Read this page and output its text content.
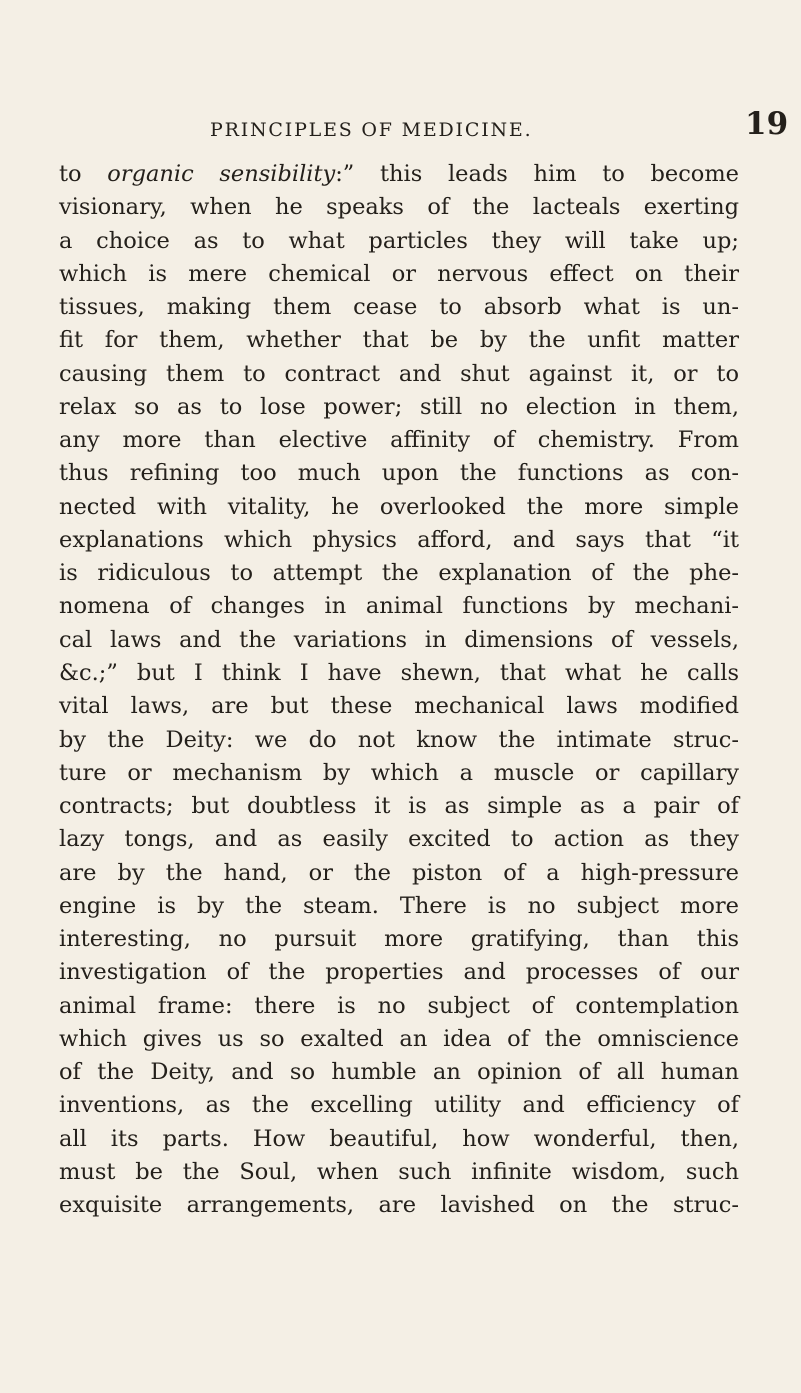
PRINCIPLES OF MEDICINE.	19
to organic sensibility:” this leads him to become
visionary, when he speaks of the lacteals exerting
a choice as to what particles they will take up;
which is mere chemical or nervous effect on their
tissues, making them cease to absorb what is un-
fit for them, whether that be by the unfit matter
causing them to contract and shut against it, or to
relax so as to lose power; still no election in them,
any more than elective affinity of chemistry. From
thus refining too much upon the functions as con-
nected with vitality, he overlooked the more simple
explanations which physics afford, and says that “it
is ridiculous to attempt the explanation of the phe-
nomena of changes in animal functions by mechani-
cal laws and the variations in dimensions of vessels,
&c.;” but I think I have shewn, that what he calls
vital laws, are but these mechanical laws modified
by the Deity: we do not know the intimate struc-
ture or mechanism by which a muscle or capillary
contracts; but doubtless it is as simple as a pair of
lazy tongs, and as easily excited to action as they
are by the hand, or the piston of a high-pressure
engine is by the steam. There is no subject more
interesting, no pursuit more gratifying, than this
investigation of the properties and processes of our
animal frame: there is no subject of contemplation
which gives us so exalted an idea of the omniscience
of the Deity, and so humble an opinion of all human
inventions, as the excelling utility and efficiency of
all its parts. How beautiful, how wonderful, then,
must be the Soul, when such infinite wisdom, such
exquisite arrangements, are lavished on the struc-
